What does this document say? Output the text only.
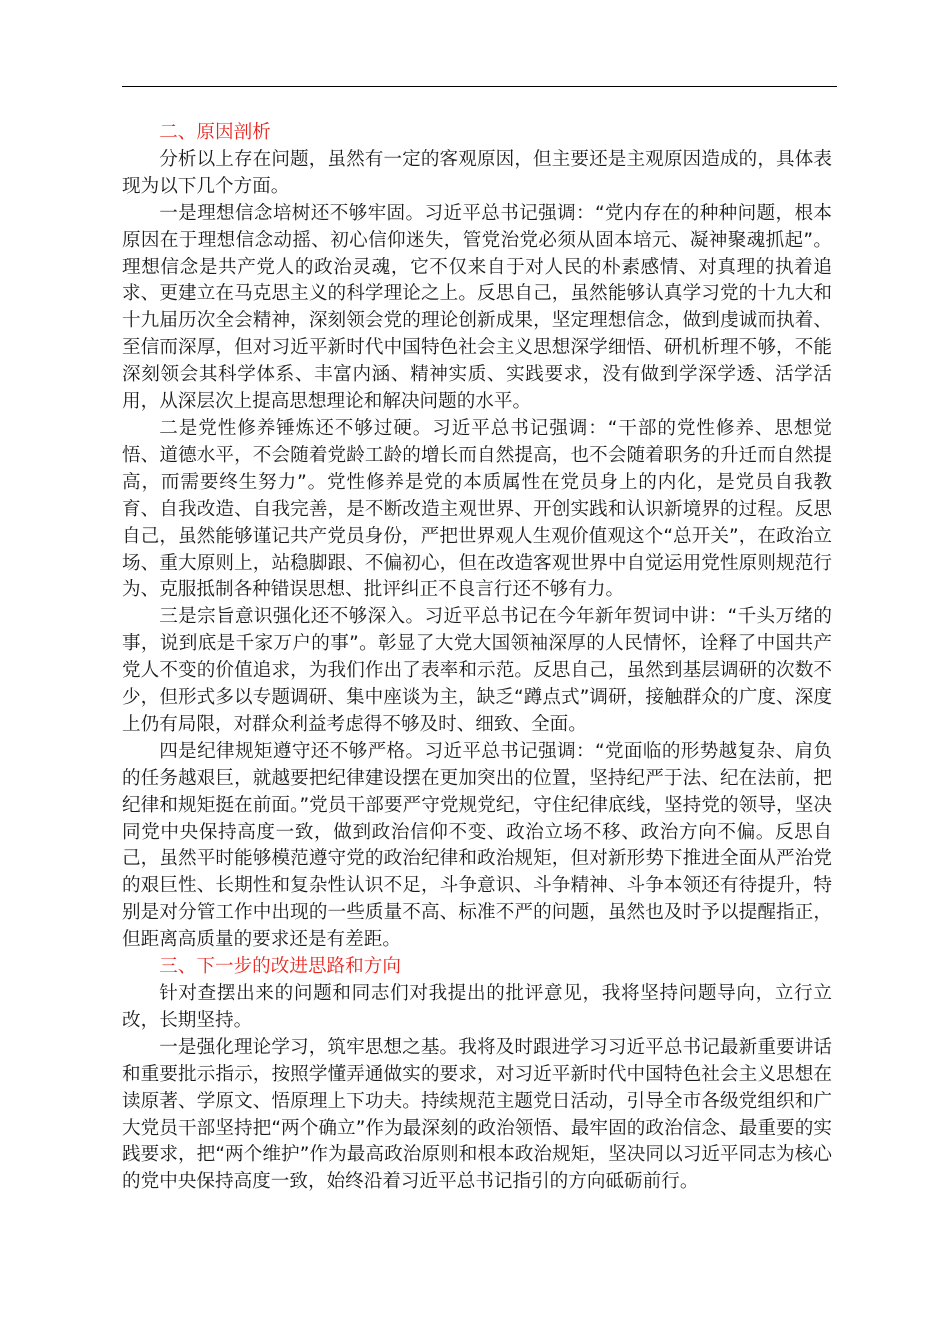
二、原因剖析

分析以上存在问题，虽然有一定的客观原因，但主要还是主观原因造成的，具体表现为以下几个方面。

一是理想信念培树还不够牢固。习近平总书记强调：“党内存在的种种问题，根本原因在于理想信念动摇、初心信仰迷失，管党治党必须从固本培元、凝神聚魂抓起”。理想信念是共产党人的政治灵魂，它不仅来自于对人民的朴素感情、对真理的执着追求、更建立在马克思主义的科学理论之上。反思自己，虽然能够认真学习党的十九大和十九届历次全会精神，深刻领会党的理论创新成果，坚定理想信念，做到虔诚而执着、至信而深厚，但对习近平新时代中国特色社会主义思想深学细悟、研机析理不够，不能深刻领会其科学体系、丰富内涵、精神实质、实践要求，没有做到学深学透、活学活用，从深层次上提高思想理论和解决问题的水平。

二是党性修养锤炼还不够过硬。习近平总书记强调：“干部的党性修养、思想觉悟、道德水平，不会随着党龄工龄的增长而自然提高，也不会随着职务的升迁而自然提高，而需要终生努力”。党性修养是党的本质属性在党员身上的内化，是党员自我教育、自我改造、自我完善，是不断改造主观世界、开创实践和认识新境界的过程。反思自己，虽然能够谨记共产党员身份，严把世界观人生观价值观这个“总开关”，在政治立场、重大原则上，站稳脚跟、不偏初心，但在改造客观世界中自觉运用党性原则规范行为、克服抵制各种错误思想、批评纠正不良言行还不够有力。

三是宗旨意识强化还不够深入。习近平总书记在今年新年贺词中讲：“千头万绪的事，说到底是千家万户的事”。彰显了大党大国领袖深厚的人民情怀，诠释了中国共产党人不变的价值追求，为我们作出了表率和示范。反思自己，虽然到基层调研的次数不少，但形式多以专题调研、集中座谈为主，缺乏“蹲点式”调研，接触群众的广度、深度上仍有局限，对群众利益考虑得不够及时、细致、全面。

四是纪律规矩遵守还不够严格。习近平总书记强调：“党面临的形势越复杂、肩负的任务越艰巨，就越要把纪律建设摆在更加突出的位置，坚持纪严于法、纪在法前，把纪律和规矩挺在前面。”党员干部要严守党规党纪，守住纪律底线，坚持党的领导，坚决同党中央保持高度一致，做到政治信仰不变、政治立场不移、政治方向不偏。反思自己，虽然平时能够模范遵守党的政治纪律和政治规矩，但对新形势下推进全面从严治党的艰巨性、长期性和复杂性认识不足，斗争意识、斗争精神、斗争本领还有待提升，特别是对分管工作中出现的一些质量不高、标准不严的问题，虽然也及时予以提醒指正，但距离高质量的要求还是有差距。

三、下一步的改进思路和方向

针对查摆出来的问题和同志们对我提出的批评意见，我将坚持问题导向，立行立改，长期坚持。

一是强化理论学习，筑牢思想之基。我将及时跟进学习习近平总书记最新重要讲话和重要批示指示，按照学懂弄通做实的要求，对习近平新时代中国特色社会主义思想在读原著、学原文、悟原理上下功夫。持续规范主题党日活动，引导全市各级党组织和广大党员干部坚持把“两个确立”作为最深刻的政治领悟、最牢固的政治信念、最重要的实践要求，把“两个维护”作为最高政治原则和根本政治规矩，坚决同以习近平同志为核心的党中央保持高度一致，始终沿着习近平总书记指引的方向砥砺前行。
